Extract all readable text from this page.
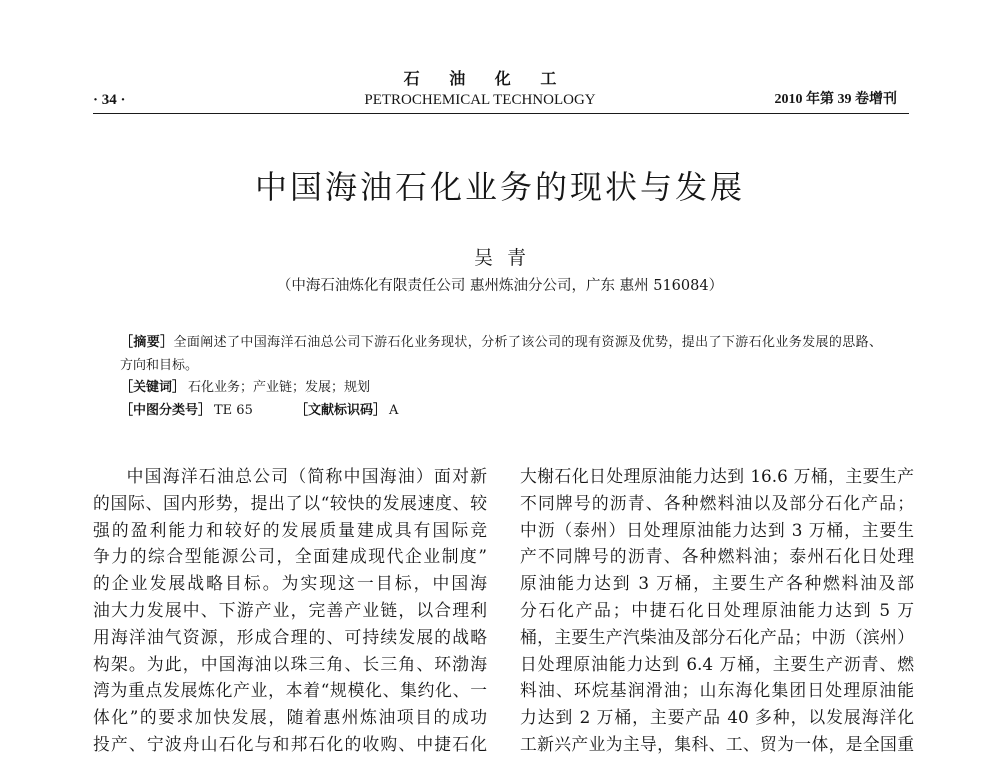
石 油 化 工
· 34 ·	PETROCHEMICAL TECHNOLOGY	2010 年第 39 卷增刊
中国海油石化业务的现状与发展
吴 青
（中海石油炼化有限责任公司 惠州炼油分公司，广东 惠州 516084）
［摘要］全面阐述了中国海洋石油总公司下游石化业务现状，分析了该公司的现有资源及优势，提出了下游石化业务发展的思路、
方向和目标。
［关键词］ 石化业务；产业链；发展；规划
［中图分类号］ TE 65	［文献标识码］ A
中国海洋石油总公司（简称中国海油）面对新
的国际、国内形势，提出了以“较快的发展速度、较
强的盈利能力和较好的发展质量建成具有国际竞
争力的综合型能源公司，全面建成现代企业制度”
的企业发展战略目标。为实现这一目标，中国海
油大力发展中、下游产业，完善产业链，以合理利
用海洋油气资源，形成合理的、可持续发展的战略
构架。为此，中国海油以珠三角、长三角、环渤海
湾为重点发展炼化产业，本着“规模化、集约化、一
体化”的要求加快发展，随着惠州炼油项目的成功
投产、宁波舟山石化与和邦石化的收购、中捷石化
大榭石化日处理原油能力达到 16.6 万桶，主要生产
不同牌号的沥青、各种燃料油以及部分石化产品；
中沥（泰州）日处理原油能力达到 3 万桶，主要生
产不同牌号的沥青、各种燃料油；泰州石化日处理
原油能力达到 3 万桶，主要生产各种燃料油及部
分石化产品；中捷石化日处理原油能力达到 5 万
桶，主要生产汽柴油及部分石化产品；中沥（滨州）
日处理原油能力达到 6.4 万桶，主要生产沥青、燃
料油、环烷基润滑油；山东海化集团日处理原油能
力达到 2 万桶，主要产品 40 多种，以发展海洋化
工新兴产业为主导，集科、工、贸为一体，是全国重
